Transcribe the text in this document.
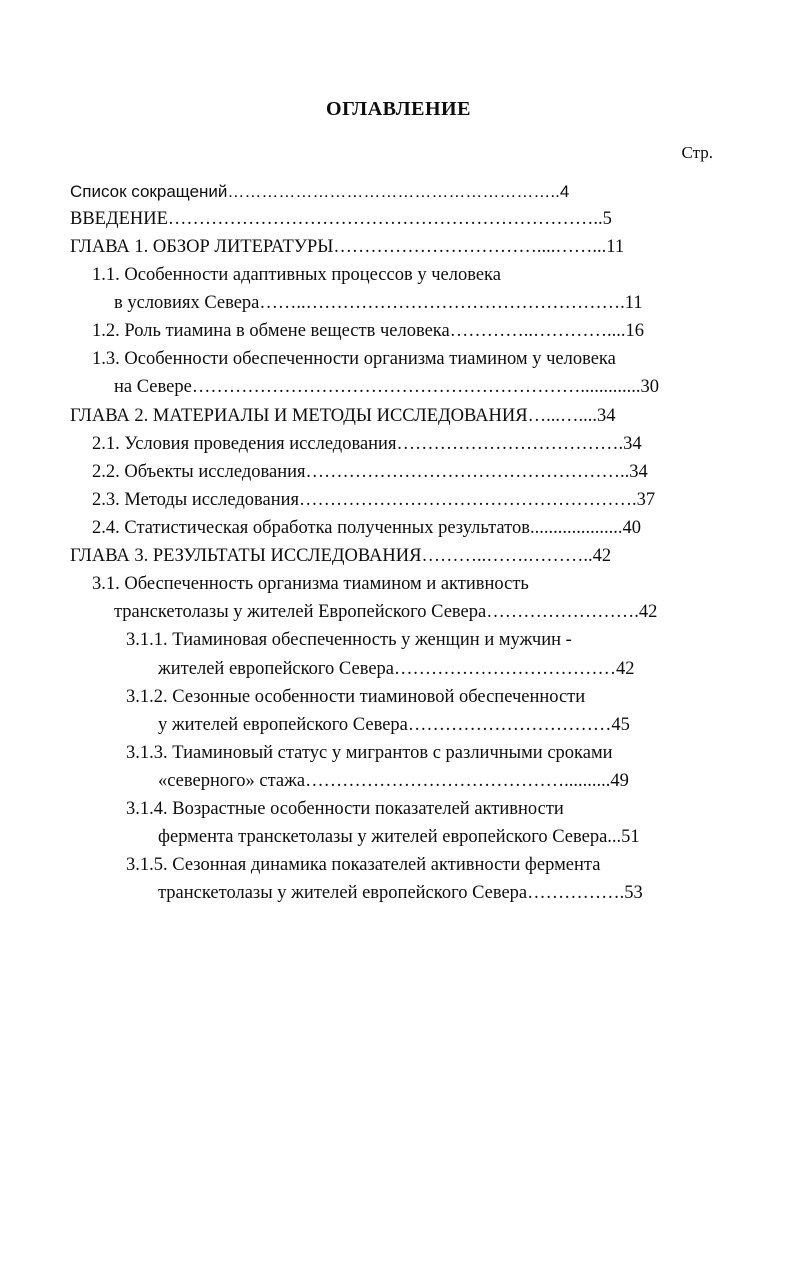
ОГЛАВЛЕНИЕ
Стр.
Список сокращений…………………………………………………..4
ВВЕДЕНИЕ……………………………………………………………..5
ГЛАВА 1. ОБЗОР ЛИТЕРАТУРЫ……………………………....……...11
1.1. Особенности адаптивных процессов у человека
в условиях Севера……..…………………………………………….11
1.2. Роль тиамина в обмене веществ человека…………..…………....16
1.3. Особенности обеспеченности организма тиамином у человека
на Севере……………………………………………………….............30
ГЛАВА 2. МАТЕРИАЛЫ И МЕТОДЫ ИССЛЕДОВАНИЯ…...…....34
2.1. Условия проведения исследования……………………………….34
2.2. Объекты исследования……………………………………………..34
2.3. Методы исследования……………………………………………….37
2.4. Статистическая обработка полученных результатов....................40
ГЛАВА 3. РЕЗУЛЬТАТЫ ИССЛЕДОВАНИЯ………..…….………..42
3.1. Обеспеченность организма тиамином и активность
транскетолазы у жителей Европейского Севера…………………….42
3.1.1. Тиаминовая обеспеченность у женщин и мужчин -
жителей европейского Севера………………………………42
3.1.2. Сезонные особенности тиаминовой обеспеченности
у жителей европейского Севера……………………………45
3.1.3. Тиаминовый статус у мигрантов с различными сроками
«северного» стажа……………………………………..........49
3.1.4. Возрастные особенности показателей активности
фермента транскетолазы у жителей европейского Севера...51
3.1.5. Сезонная динамика показателей активности фермента
транскетолазы у жителей европейского Севера…………….53
